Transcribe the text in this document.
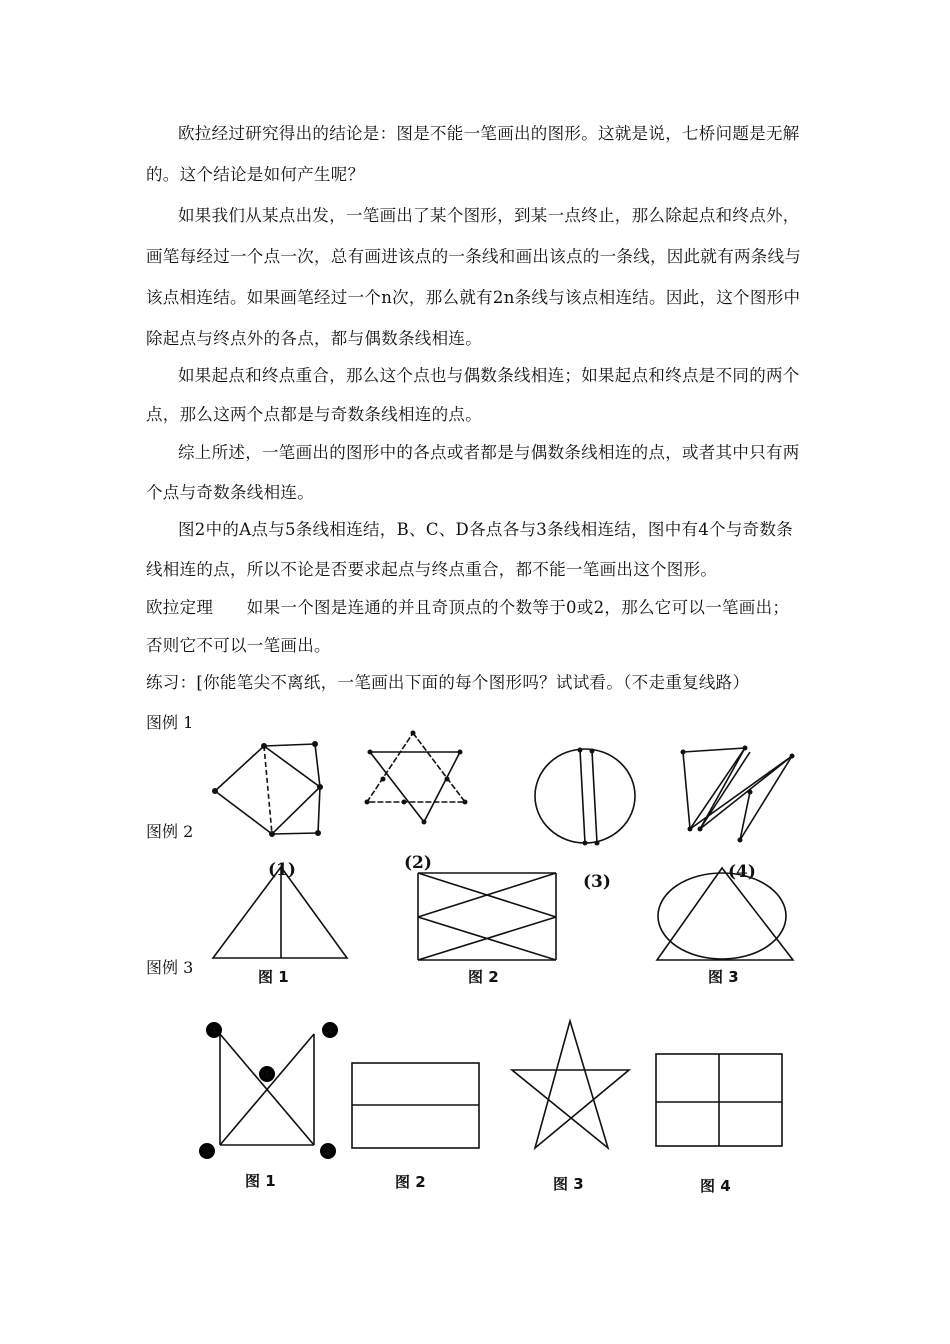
欧拉经过研究得出的结论是：图是不能一笔画出的图形。这就是说，七桥问题是无解
的。这个结论是如何产生呢？
如果我们从某点出发，一笔画出了某个图形，到某一点终止，那么除起点和终点外，
画笔每经过一个点一次，总有画进该点的一条线和画出该点的一条线，因此就有两条线与
该点相连结。如果画笔经过一个n次，那么就有2n条线与该点相连结。因此，这个图形中
除起点与终点外的各点，都与偶数条线相连。
如果起点和终点重合，那么这个点也与偶数条线相连；如果起点和终点是不同的两个
点，那么这两个点都是与奇数条线相连的点。
综上所述，一笔画出的图形中的各点或者都是与偶数条线相连的点，或者其中只有两
个点与奇数条线相连。
图2中的A点与5条线相连结，B、C、D各点各与3条线相连结，图中有4个与奇数条
线相连的点，所以不论是否要求起点与终点重合，都不能一笔画出这个图形。
欧拉定理　　如果一个图是连通的并且奇顶点的个数等于0或2，那么它可以一笔画出；
否则它不可以一笔画出。
练习：[你能笔尖不离纸，一笔画出下面的每个图形吗？试试看。（不走重复线路）
图例 1
图例 2
图例 3
(1)
图 1
(2)
图 2
(3)	(4)
图 3
①	②
③
④
⑤
图 1	图 2	图 3	图 4
